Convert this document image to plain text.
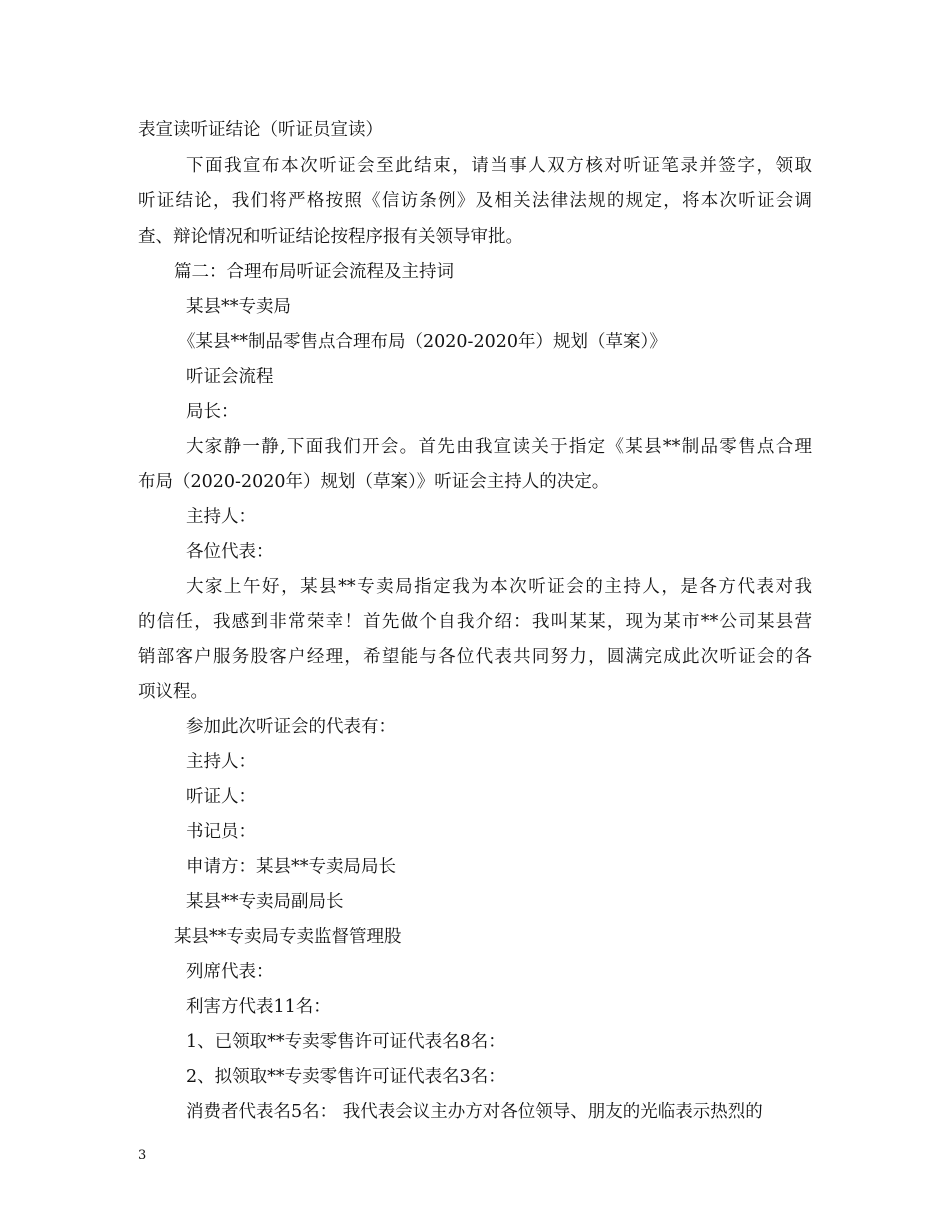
表宣读听证结论（听证员宣读）
下面我宣布本次听证会至此结束，请当事人双方核对听证笔录并签字，领取
听证结论，我们将严格按照《信访条例》及相关法律法规的规定，将本次听证会调
查、辩论情况和听证结论按程序报有关领导审批。
篇二：合理布局听证会流程及主持词
某县**专卖局
《某县**制品零售点合理布局（2020-2020年）规划（草案）》
听证会流程
局长：
大家静一静,下面我们开会。首先由我宣读关于指定《某县**制品零售点合理
布局（2020-2020年）规划（草案）》听证会主持人的决定。
主持人：
各位代表：
大家上午好，某县**专卖局指定我为本次听证会的主持人，是各方代表对我
的信任，我感到非常荣幸！首先做个自我介绍：我叫某某，现为某市**公司某县营
销部客户服务股客户经理，希望能与各位代表共同努力，圆满完成此次听证会的各
项议程。
参加此次听证会的代表有：
主持人：
听证人：
书记员：
申请方：某县**专卖局局长
某县**专卖局副局长
某县**专卖局专卖监督管理股
列席代表：
利害方代表11名：
1、已领取**专卖零售许可证代表名8名：
2、拟领取**专卖零售许可证代表名3名：
消费者代表名5名： 我代表会议主办方对各位领导、朋友的光临表示热烈的
3
